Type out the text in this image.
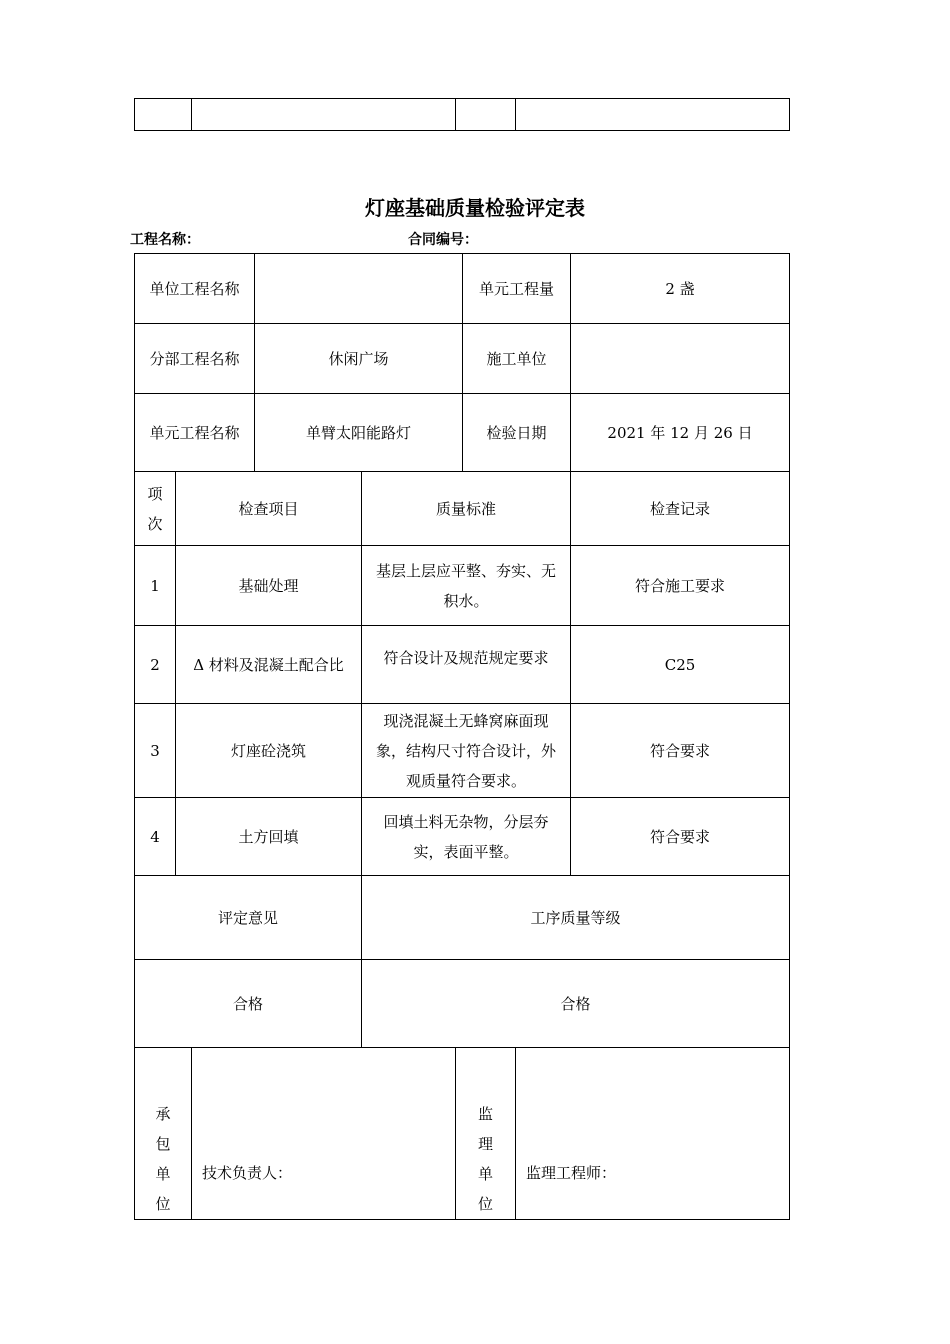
灯座基础质量检验评定表
工程名称：	合同编号：
单位工程名称				单元工程量	2 盏
分部工程名称		休闲广场		施工单位	
单元工程名称		单臂太阳能路灯		检验日期	2021 年 12 月 26 日
项次	检查项目		质量标准		检查记录
1	基础处理		基层上层应平整、夯实、无积水。		符合施工要求
2	Δ 材料及混凝土配合比		符合设计及规范规定要求		C25
3	灯座砼浇筑		现浇混凝土无蜂窝麻面现象，结构尺寸符合设计，外观质量符合要求。		符合要求
4	土方回填		回填土料无杂物，分层夯实，表面平整。		符合要求
评定意见			工序质量等级		
合格			合格		
承包单位	技术负责人：	监理单位	监理工程师：
